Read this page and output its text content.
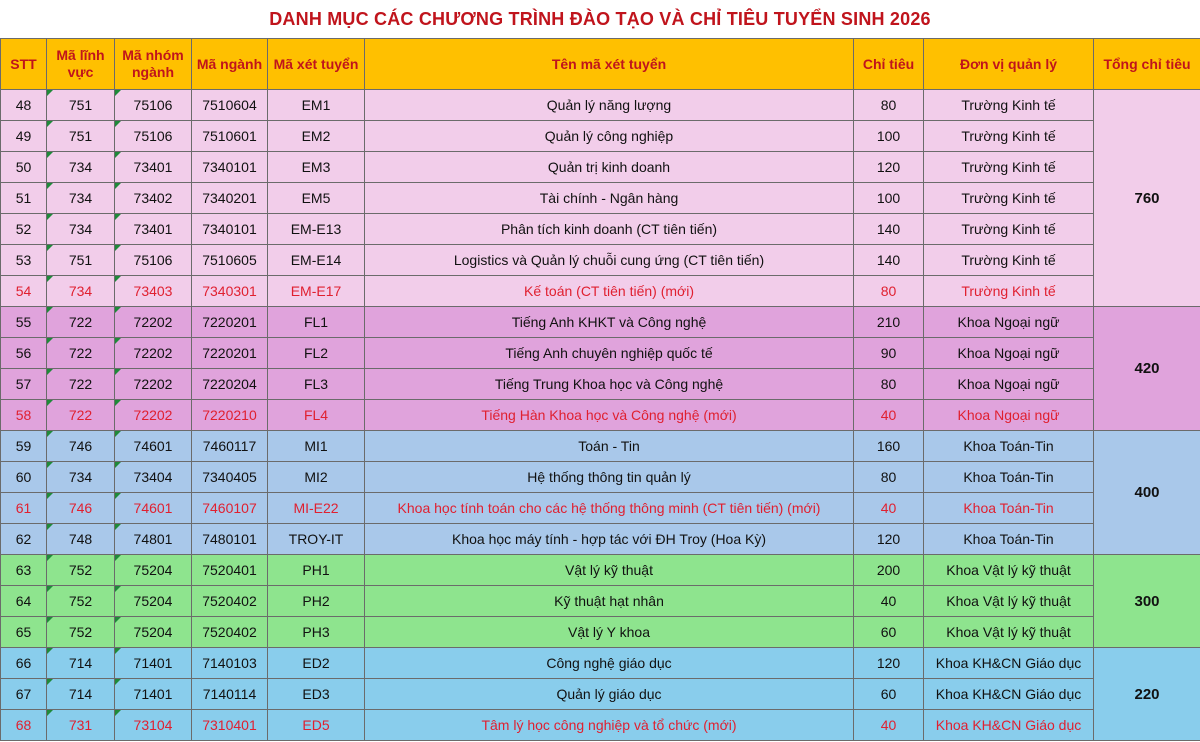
DANH MỤC CÁC CHƯƠNG TRÌNH ĐÀO TẠO VÀ CHỈ TIÊU TUYỂN SINH 2026
STT	Mã lĩnh vực	Mã nhóm ngành	Mã ngành	Mã xét tuyển	Tên mã xét tuyển	Chỉ tiêu	Đơn vị quản lý	Tổng chỉ tiêu
48	751	75106	7510604	EM1	Quản lý năng lượng	80	Trường Kinh tế	760
49	751	75106	7510601	EM2	Quản lý công nghiệp	100	Trường Kinh tế	
50	734	73401	7340101	EM3	Quản trị kinh doanh	120	Trường Kinh tế	
51	734	73402	7340201	EM5	Tài chính - Ngân hàng	100	Trường Kinh tế	
52	734	73401	7340101	EM-E13	Phân tích kinh doanh (CT tiên tiến)	140	Trường Kinh tế	
53	751	75106	7510605	EM-E14	Logistics và Quản lý chuỗi cung ứng (CT tiên tiến)	140	Trường Kinh tế	
54	734	73403	7340301	EM-E17	Kế toán (CT tiên tiến) (mới)	80	Trường Kinh tế	
55	722	72202	7220201	FL1	Tiếng Anh KHKT và Công nghệ	210	Khoa Ngoại ngữ	420
56	722	72202	7220201	FL2	Tiếng Anh chuyên nghiệp quốc tế	90	Khoa Ngoại ngữ	
57	722	72202	7220204	FL3	Tiếng Trung Khoa học và Công nghệ	80	Khoa Ngoại ngữ	
58	722	72202	7220210	FL4	Tiếng Hàn Khoa học và Công nghệ (mới)	40	Khoa Ngoại ngữ	
59	746	74601	7460117	MI1	Toán - Tin	160	Khoa Toán-Tin	400
60	734	73404	7340405	MI2	Hệ thống thông tin quản lý	80	Khoa Toán-Tin	
61	746	74601	7460107	MI-E22	Khoa học tính toán cho các hệ thống thông minh (CT tiên tiến) (mới)	40	Khoa Toán-Tin	
62	748	74801	7480101	TROY-IT	Khoa học máy tính - hợp tác với ĐH Troy (Hoa Kỳ)	120	Khoa Toán-Tin	
63	752	75204	7520401	PH1	Vật lý kỹ thuật	200	Khoa Vật lý kỹ thuật	300
64	752	75204	7520402	PH2	Kỹ thuật hạt nhân	40	Khoa Vật lý kỹ thuật	
65	752	75204	7520402	PH3	Vật lý Y khoa	60	Khoa Vật lý kỹ thuật	
66	714	71401	7140103	ED2	Công nghệ giáo dục	120	Khoa KH&CN Giáo dục	220
67	714	71401	7140114	ED3	Quản lý giáo dục	60	Khoa KH&CN Giáo dục	
68	731	73104	7310401	ED5	Tâm lý học công nghiệp và tổ chức (mới)	40	Khoa KH&CN Giáo dục	
